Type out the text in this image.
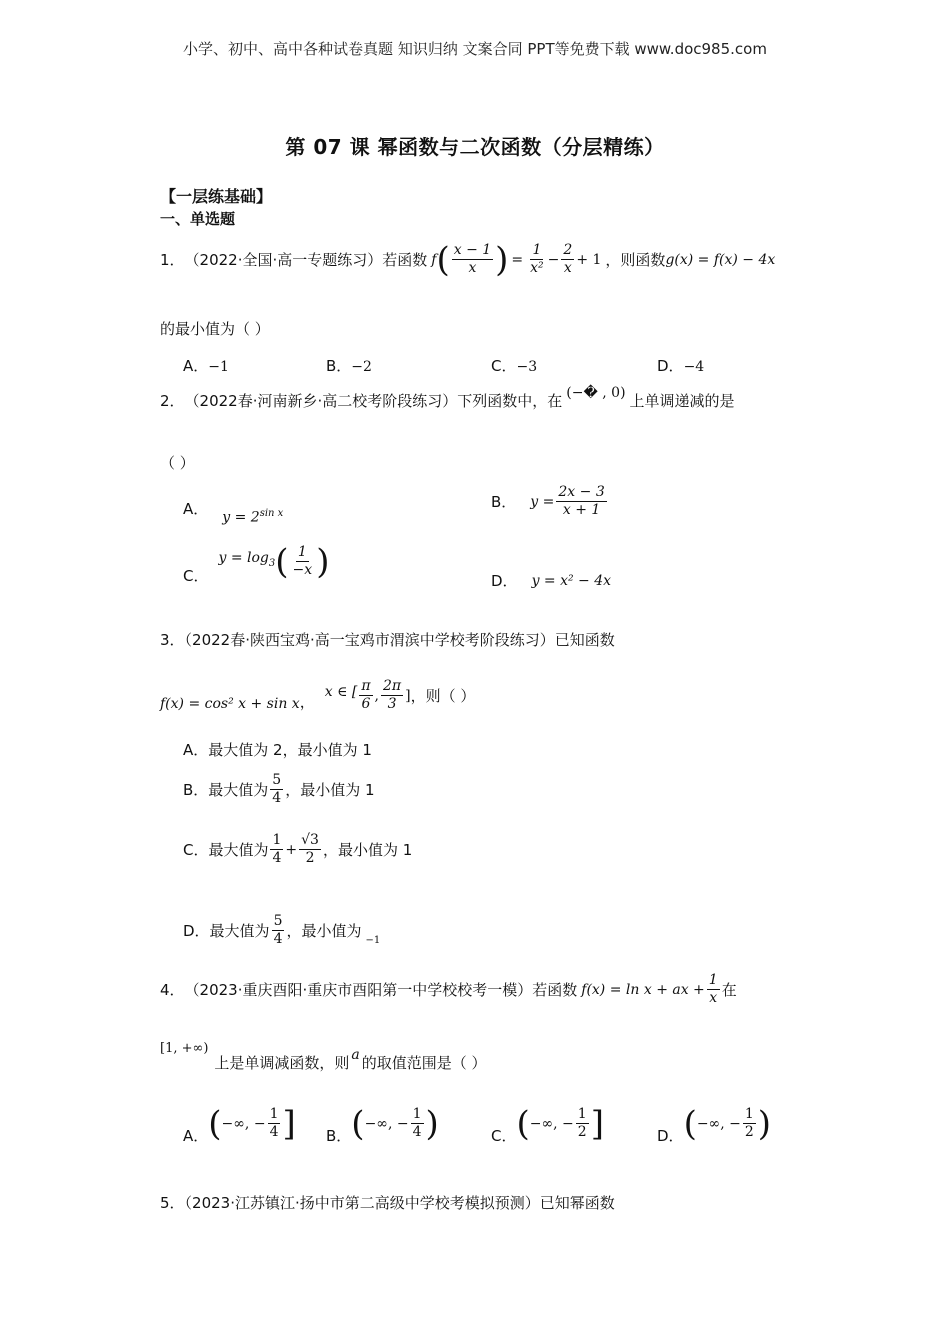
小学、初中、高中各种试卷真题 知识归纳 文案合同 PPT等免费下载 www.doc985.com
第 07 课 幂函数与二次函数（分层精练）
【一层练基础】
一、单选题
1． （2022·全国·高一专题练习）若函数 f ( $\frac{x - 1}{x}$ ) = $\frac{1}{\text{x²}} - \frac{2}{x} + 1$ ，则函数 g(x) = f(x) − 4x
的最小值为（ ）
A．−1	B．−2	C．−3	D．−4
2． （2022春·河南新乡·高二校考阶段练习）下列函数中，在 (−� , 0) 上单调递减的是
（ ）
A． $y = 2^{sin x}$
B． $y = \frac{2x - 3}{x + 1}$
C．
$y = \log_3$ ( $\frac{1}{-x}$ )	D． y = x² − 4x
3．（2022春·陕西宝鸡·高一宝鸡市渭滨中学校考阶段练习）已知函数
f(x) = cos² x + sin x ，
x ∈ [ $\frac{\pi}{6}$ , $\frac{2\pi}{3}$ ] ，则（ ）
A．最大值为 2，最小值为 1
B．最大值为 $\frac{5}{4}$ ，最小值为 1
C．最大值为 $\frac{1}{4} + \frac{√3}{2}$ ，最小值为 1
D．最大值为 $\frac{5}{4}$ ，最小值为
−1
4． （2023·重庆酉阳·重庆市酉阳第一中学校校考一模）若函数 f(x) = ln x + ax + $\frac{1}{x}$ 在
[1, +∞)
上是单调减函数，则 a 的取值范围是（ ）
A． ( −∞, − $\frac{1}{4}$ ] B． ( −∞, − $\frac{1}{4}$ )	C． ( −∞, − $\frac{1}{2}$ ]	D． ( −∞, − $\frac{1}{2}$ )
5．（2023·江苏镇江·扬中市第二高级中学校考模拟预测）已知幂函数
